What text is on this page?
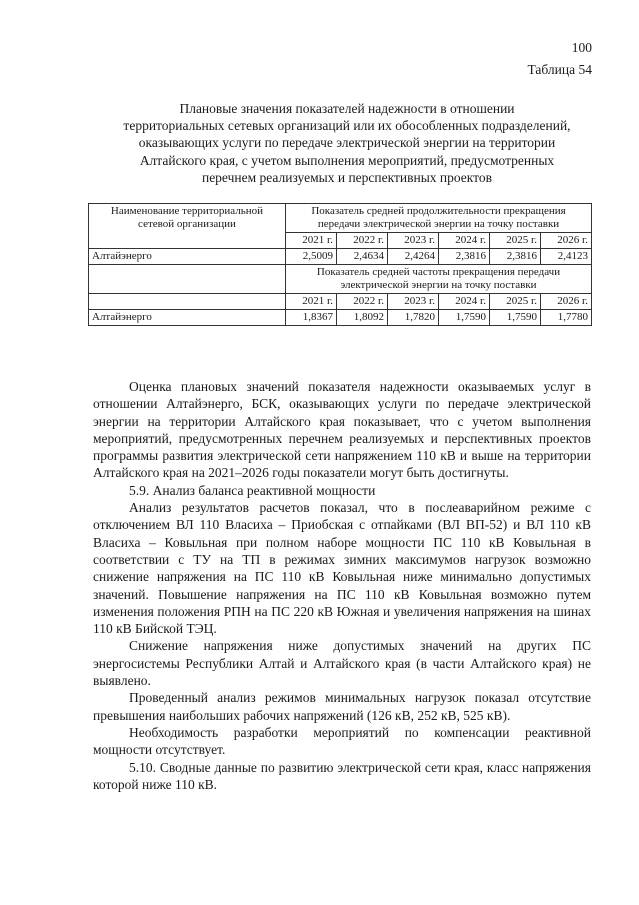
100
Таблица 54
Плановые значения показателей надежности в отношении
территориальных сетевых организаций или их обособленных подразделений,
оказывающих услуги по передаче электрической энергии на территории
Алтайского края, с учетом выполнения мероприятий, предусмотренных
перечнем реализуемых и перспективных проектов
Наименование территориальной сетевой организации	Показатель средней продолжительности прекращения передачи электрической энергии на точку поставки					
	2021 г.	2022 г.	2023 г.	2024 г.	2025 г.	2026 г.
Алтайэнерго	2,5009	2,4634	2,4264	2,3816	2,3816	2,4123
	Показатель средней частоты прекращения передачи электрической энергии на точку поставки					
	2021 г.	2022 г.	2023 г.	2024 г.	2025 г.	2026 г.
Алтайэнерго	1,8367	1,8092	1,7820	1,7590	1,7590	1,7780

Оценка плановых значений показателя надежности оказываемых услуг в отношении Алтайэнерго, БСК, оказывающих услуги по передаче электрической энергии на территории Алтайского края показывает, что с учетом выполнения мероприятий, предусмотренных перечнем реализуемых и перспективных проектов программы развития электрической сети напряжением 110 кВ и выше на территории Алтайского края на 2021–2026 годы показатели могут быть достигнуты.

5.9. Анализ баланса реактивной мощности

Анализ результатов расчетов показал, что в послеаварийном режиме с отключением ВЛ 110 Власиха – Приобская с отпайками (ВЛ ВП-52) и ВЛ 110 кВ Власиха – Ковыльная при полном наборе мощности ПС 110 кВ Ковыльная в соответствии с ТУ на ТП в режимах зимних максимумов нагрузок возможно снижение напряжения на ПС 110 кВ Ковыльная ниже минимально допустимых значений. Повышение напряжения на ПС 110 кВ Ковыльная возможно путем изменения положения РПН на ПС 220 кВ Южная и увеличения напряжения на шинах 110 кВ Бийской ТЭЦ.

Снижение напряжения ниже допустимых значений на других ПС энергосистемы Республики Алтай и Алтайского края (в части Алтайского края) не выявлено.

Проведенный анализ режимов минимальных нагрузок показал отсутствие превышения наибольших рабочих напряжений (126 кВ, 252 кВ, 525 кВ).

Необходимость разработки мероприятий по компенсации реактивной мощности отсутствует.

5.10. Сводные данные по развитию электрической сети края, класс напряжения которой ниже 110 кВ.
